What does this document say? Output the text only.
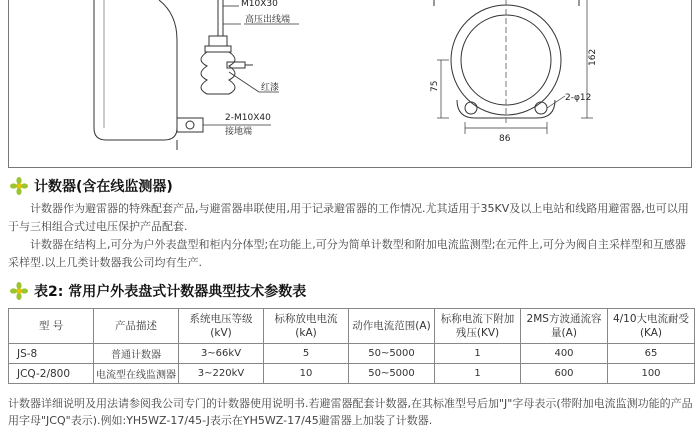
M10X30
高压出线端
红漆
2-M10X40
接地端
75
162
86
2-φ12
计数器(含在线监测器)

计数器作为避雷器的特殊配套产品,与避雷器串联使用,用于记录避雷器的工作情况.尤其适用于35KV及以上电站和线路用避雷器,也可以用于与三相组合式过电压保护产品配套.

计数器在结构上,可分为户外表盘型和柜内分体型;在功能上,可分为简单计数型和附加电流监测型;在元件上,可分为阀自主采样型和互感器采样型.以上几类计数器我公司均有生产.

表2: 常用户外表盘式计数器典型技术参数表
型 号	产品描述	系统电压等级(kV)	标称放电电流(kA)	动作电流范围(A)	标称电流下附加残压(KV)	2MS方波通流容量(A)	4/10大电流耐受(KA)
JS-8	普通计数器	3~66kV	5	50~5000	1	400	65
JCQ-2/800	电流型在线监测器	3~220kV	10	50~5000	1	600	100

计数器详细说明及用法请参阅我公司专门的计数器使用说明书.若避雷器配套计数器,在其标准型号后加"J"字母表示(带附加电流监测功能的产品用字母"JCQ"表示).例如:YH5WZ-17/45-J表示在YH5WZ-17/45避雷器上加装了计数器.
